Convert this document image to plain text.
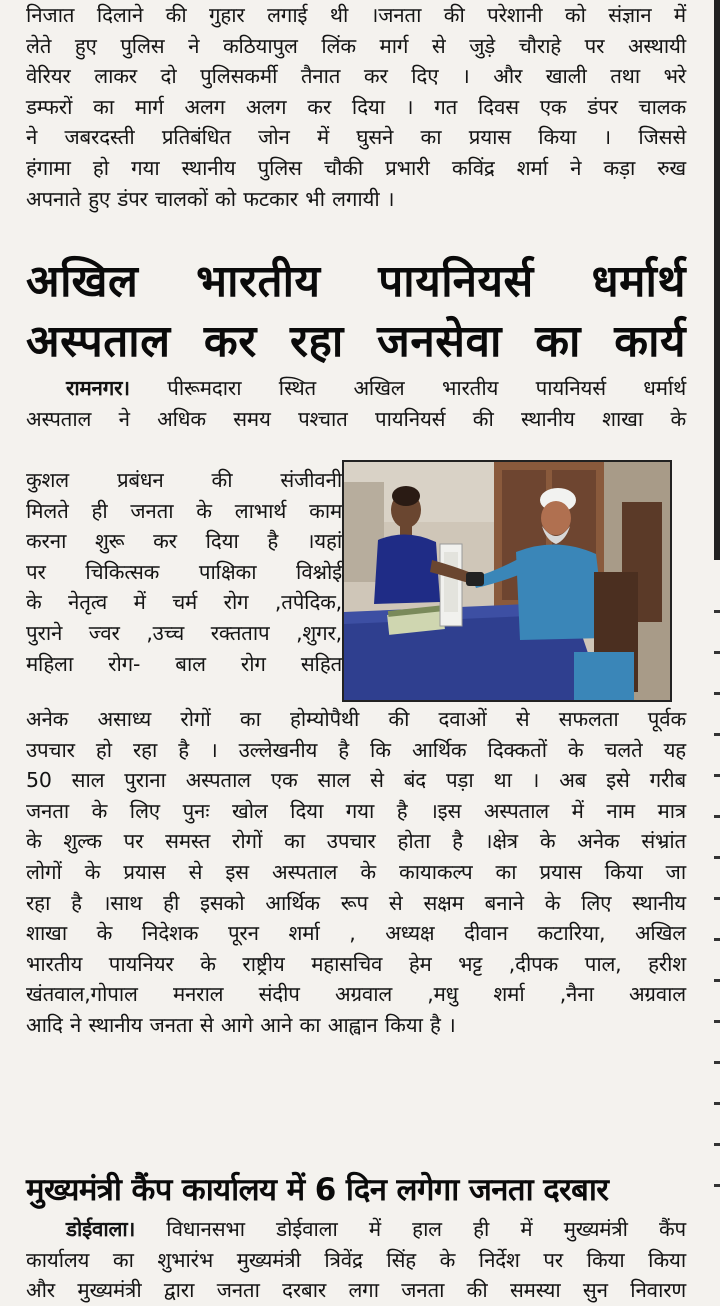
निजात दिलाने की गुहार लगाई थी ।जनता की परेशानी को संज्ञान में

लेते हुए पुलिस ने कठियापुल लिंक मार्ग से जुड़े चौराहे पर अस्थायी

वेरियर लाकर दो पुलिसकर्मी तैनात कर दिए । और खाली तथा भरे

डम्फरों का मार्ग अलग अलग कर दिया । गत दिवस एक डंपर चालक

ने जबरदस्ती प्रतिबंधित जोन में घुसने का प्रयास किया । जिससे

हंगामा हो गया स्थानीय पुलिस चौकी प्रभारी कविंद्र शर्मा ने कड़ा रुख

अपनाते हुए डंपर चालकों को फटकार भी लगायी ।

अखिल भारतीय पायनियर्स धर्मार्थ
अस्पताल कर रहा जनसेवा का कार्य

रामनगर। पीरूमदारा स्थित अखिल भारतीय पायनियर्स धर्मार्थ

अस्पताल ने अधिक समय पश्चात पायनियर्स की स्थानीय शाखा के

कुशल प्रबंधन की संजीवनी

मिलते ही जनता के लाभार्थ काम

करना शुरू कर दिया है ।यहां

पर चिकित्सक पाक्षिका विश्नोई

के नेतृत्व में चर्म रोग ,तपेदिक,

पुराने ज्वर ,उच्च रक्तताप ,शुगर,

महिला रोग- बाल रोग सहित

अनेक असाध्य रोगों का होम्योपैथी की दवाओं से सफलता पूर्वक

उपचार हो रहा है । उल्लेखनीय है कि आर्थिक दिक्कतों के चलते यह

50 साल पुराना अस्पताल एक साल से बंद पड़ा था । अब इसे गरीब

जनता के लिए पुनः खोल दिया गया है ।इस अस्पताल में नाम मात्र

के शुल्क पर समस्त रोगों का उपचार होता है ।क्षेत्र के अनेक संभ्रांत

लोगों के प्रयास से इस अस्पताल के कायाकल्प का प्रयास किया जा

रहा है ।साथ ही इसको आर्थिक रूप से सक्षम बनाने के लिए स्थानीय

शाखा के निदेशक पूरन शर्मा , अध्यक्ष दीवान कटारिया, अखिल

भारतीय पायनियर के राष्ट्रीय महासचिव हेम भट्ट ,दीपक पाल, हरीश

खंतवाल,गोपाल मनराल संदीप अग्रवाल ,मधु शर्मा ,नैना अग्रवाल

आदि ने स्थानीय जनता से आगे आने का आह्वान किया है ।

मुख्यमंत्री कैंप कार्यालय में 6 दिन लगेगा जनता दरबार

डोईवाला। विधानसभा डोईवाला में हाल ही में मुख्यमंत्री कैंप

कार्यालय का शुभारंभ मुख्यमंत्री त्रिवेंद्र सिंह के निर्देश पर किया किया

और मुख्यमंत्री द्वारा जनता दरबार लगा जनता की समस्या सुन निवारण
